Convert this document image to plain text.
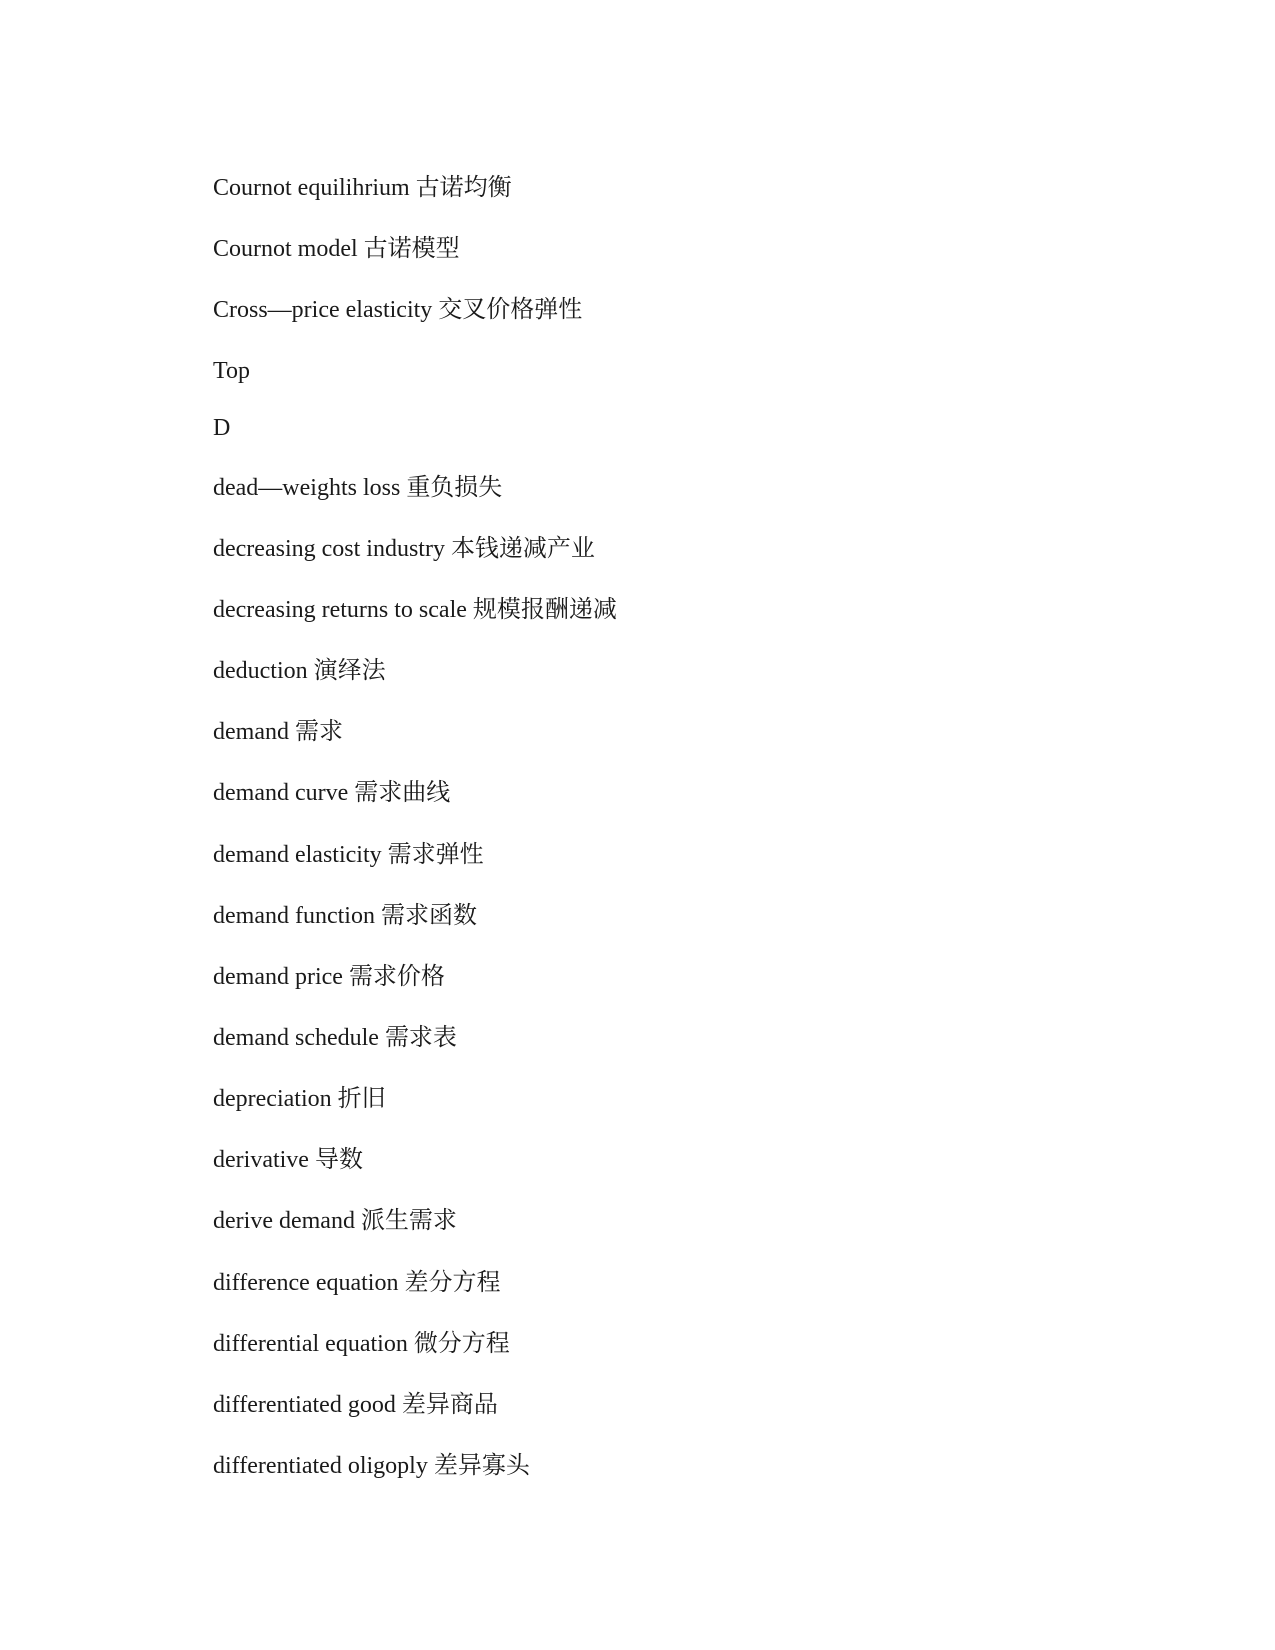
Cournot equilihrium 古诺均衡
Cournot model 古诺模型
Cross—price elasticity 交叉价格弹性
Top
D
dead—weights loss 重负损失
decreasing cost industry 本钱递减产业
decreasing returns to scale 规模报酬递减
deduction 演绎法
demand 需求
demand curve 需求曲线
demand elasticity 需求弹性
demand function 需求函数
demand price 需求价格
demand schedule 需求表
depreciation 折旧
derivative 导数
derive demand 派生需求
difference equation 差分方程
differential equation 微分方程
differentiated good 差异商品
differentiated oligoply 差异寡头
